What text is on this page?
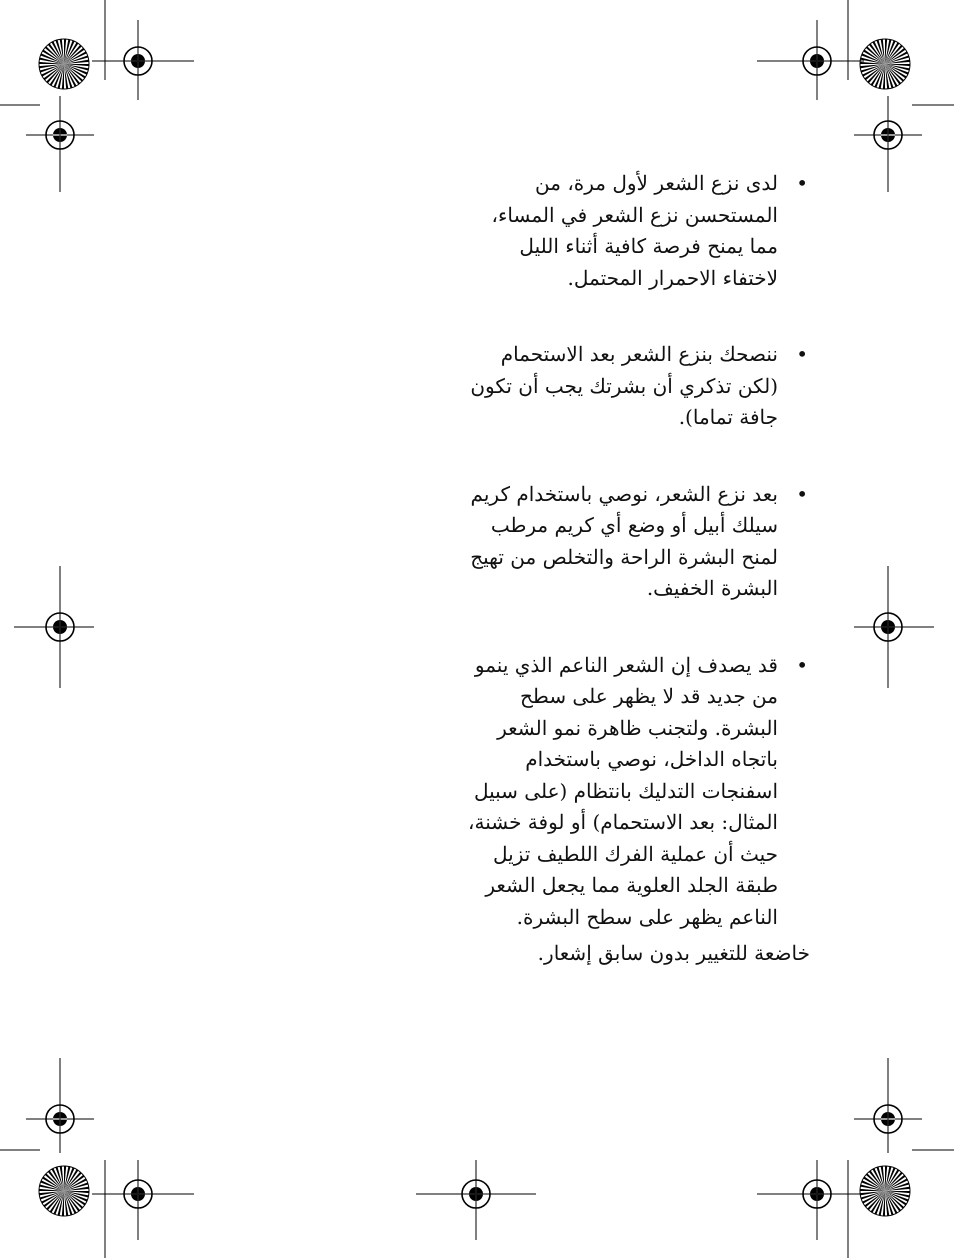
•
لدى نزع الشعر لأول مرة، من المستحسن نزع الشعر في المساء، مما يمنح فرصة كافية أثناء الليل لاختفاء الاحمرار المحتمل.
•
ننصحك بنزع الشعر بعد الاستحمام (لكن تذكري أن بشرتك يجب أن تكون جافة تماما).
•
بعد نزع الشعر، نوصي باستخدام كريم سيلك أبيل أو وضع أي كريم مرطب لمنح البشرة الراحة والتخلص من تهيج البشرة الخفيف.
•
قد يصدف إن الشعر الناعم الذي ينمو من جديد قد لا يظهر على سطح البشرة. ولتجنب ظاهرة نمو الشعر باتجاه الداخل، نوصي باستخدام اسفنجات التدليك بانتظام (على سبيل المثال: بعد الاستحمام) أو لوفة خشنة، حيث أن عملية الفرك اللطيف تزيل طبقة الجلد العلوية مما يجعل الشعر الناعم يظهر على سطح البشرة.
خاضعة للتغيير بدون سابق إشعار.
